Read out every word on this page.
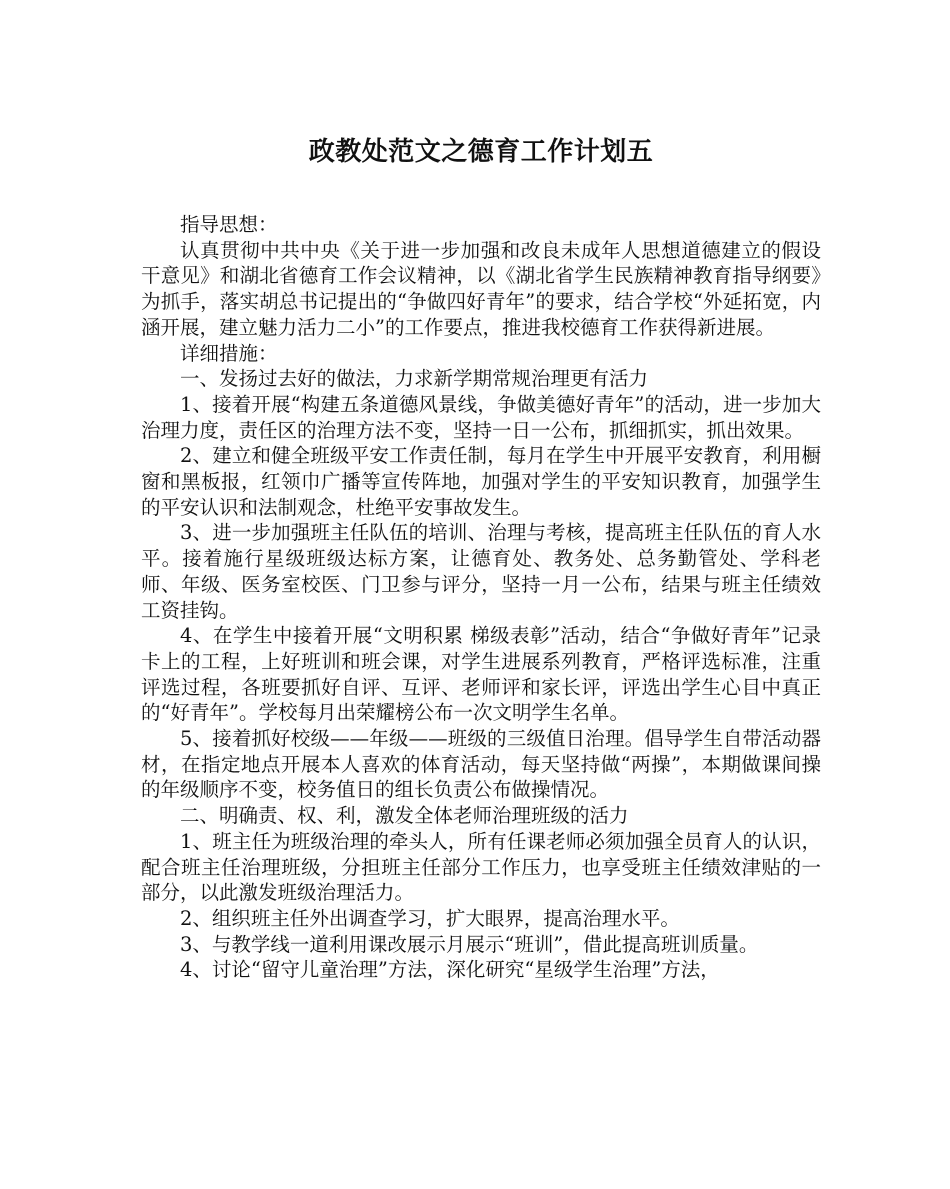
政教处范文之德育工作计划五

指导思想：

认真贯彻中共中央《关于进一步加强和改良未成年人思想道德建立的假设干意见》和湖北省德育工作会议精神，以《湖北省学生民族精神教育指导纲要》为抓手，落实胡总书记提出的“争做四好青年”的要求，结合学校“外延拓宽，内涵开展，建立魅力活力二小”的工作要点，推进我校德育工作获得新进展。

详细措施：

一、发扬过去好的做法，力求新学期常规治理更有活力

1、接着开展“构建五条道德风景线，争做美德好青年”的活动，进一步加大治理力度，责任区的治理方法不变，坚持一日一公布，抓细抓实，抓出效果。

2、建立和健全班级平安工作责任制，每月在学生中开展平安教育，利用橱窗和黑板报，红领巾广播等宣传阵地，加强对学生的平安知识教育，加强学生的平安认识和法制观念，杜绝平安事故发生。

3、进一步加强班主任队伍的培训、治理与考核，提高班主任队伍的育人水平。接着施行星级班级达标方案，让德育处、教务处、总务勤管处、学科老师、年级、医务室校医、门卫参与评分，坚持一月一公布，结果与班主任绩效工资挂钩。

4、在学生中接着开展“文明积累 梯级表彰”活动，结合“争做好青年”记录卡上的工程，上好班训和班会课，对学生进展系列教育，严格评选标准，注重评选过程，各班要抓好自评、互评、老师评和家长评，评选出学生心目中真正的“好青年”。学校每月出荣耀榜公布一次文明学生名单。

5、接着抓好校级——年级——班级的三级值日治理。倡导学生自带活动器材，在指定地点开展本人喜欢的体育活动，每天坚持做“两操”，本期做课间操的年级顺序不变，校务值日的组长负责公布做操情况。

二、明确责、权、利，激发全体老师治理班级的活力

1、班主任为班级治理的牵头人，所有任课老师必须加强全员育人的认识，配合班主任治理班级，分担班主任部分工作压力，也享受班主任绩效津贴的一部分，以此激发班级治理活力。

2、组织班主任外出调查学习，扩大眼界，提高治理水平。

3、与教学线一道利用课改展示月展示“班训”，借此提高班训质量。

4、讨论“留守儿童治理”方法，深化研究“星级学生治理”方法，
